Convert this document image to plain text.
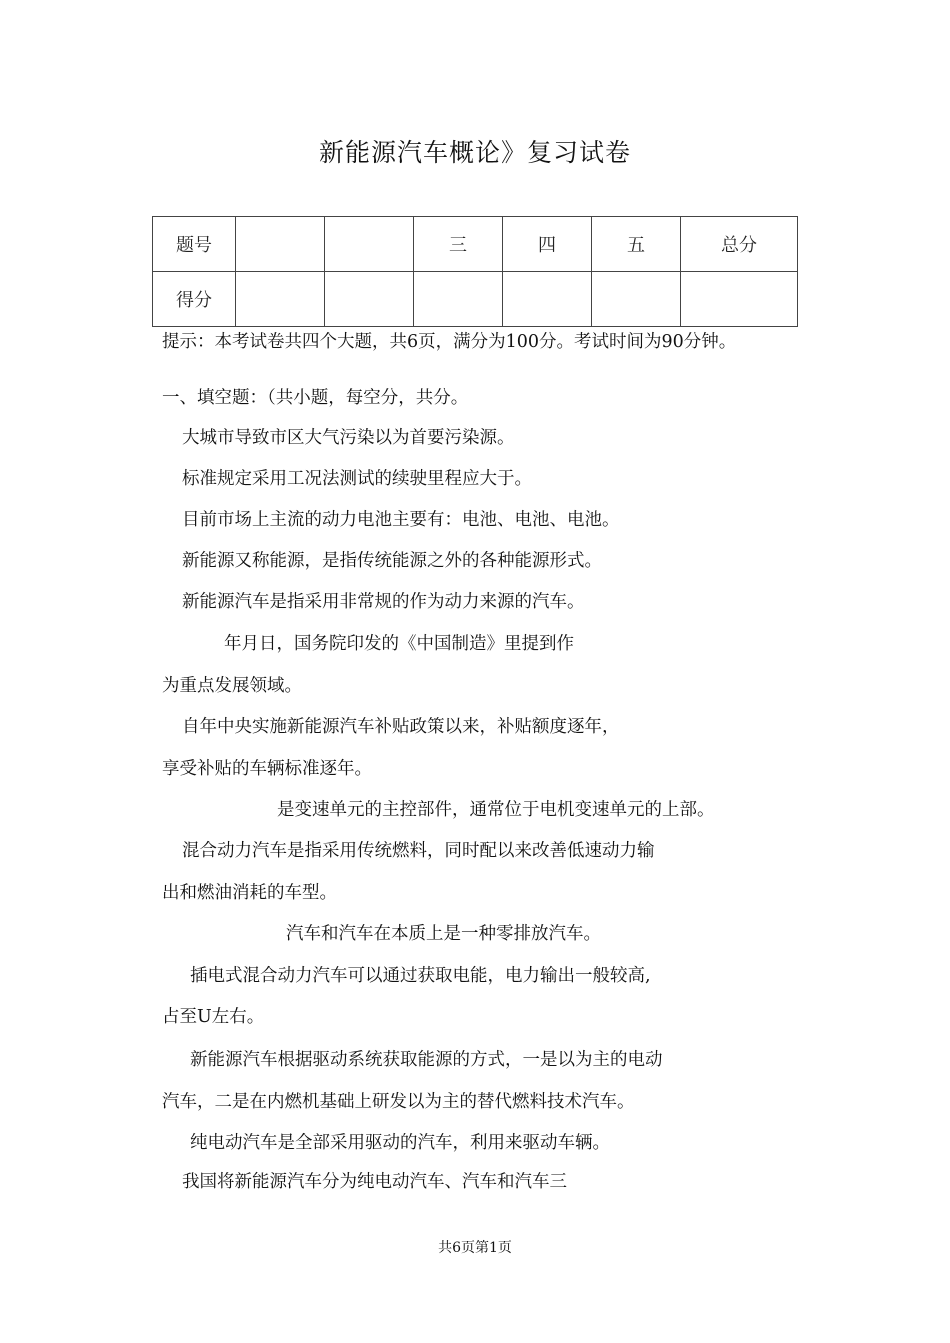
新能源汽车概论》复习试卷
题号			三	四	五	总分
得分						
提示：本考试卷共四个大题，共6页，满分为100分。考试时间为90分钟。
一、填空题：（共小题，每空分，共分。
大城市导致市区大气污染以为首要污染源。
标准规定采用工况法测试的续驶里程应大于。
目前市场上主流的动力电池主要有：电池、电池、电池。
新能源又称能源，是指传统能源之外的各种能源形式。
新能源汽车是指采用非常规的作为动力来源的汽车。
年月日，国务院印发的《中国制造》里提到作
为重点发展领域。
自年中央实施新能源汽车补贴政策以来，补贴额度逐年，
享受补贴的车辆标准逐年。
是变速单元的主控部件，通常位于电机变速单元的上部。
混合动力汽车是指采用传统燃料，同时配以来改善低速动力输
出和燃油消耗的车型。
汽车和汽车在本质上是一种零排放汽车。
插电式混合动力汽车可以通过获取电能，电力输出一般较高,
占至U左右。
新能源汽车根据驱动系统获取能源的方式，一是以为主的电动
汽车，二是在内燃机基础上研发以为主的替代燃料技术汽车。
纯电动汽车是全部采用驱动的汽车，利用来驱动车辆。
我国将新能源汽车分为纯电动汽车、汽车和汽车三
共6页第1页
